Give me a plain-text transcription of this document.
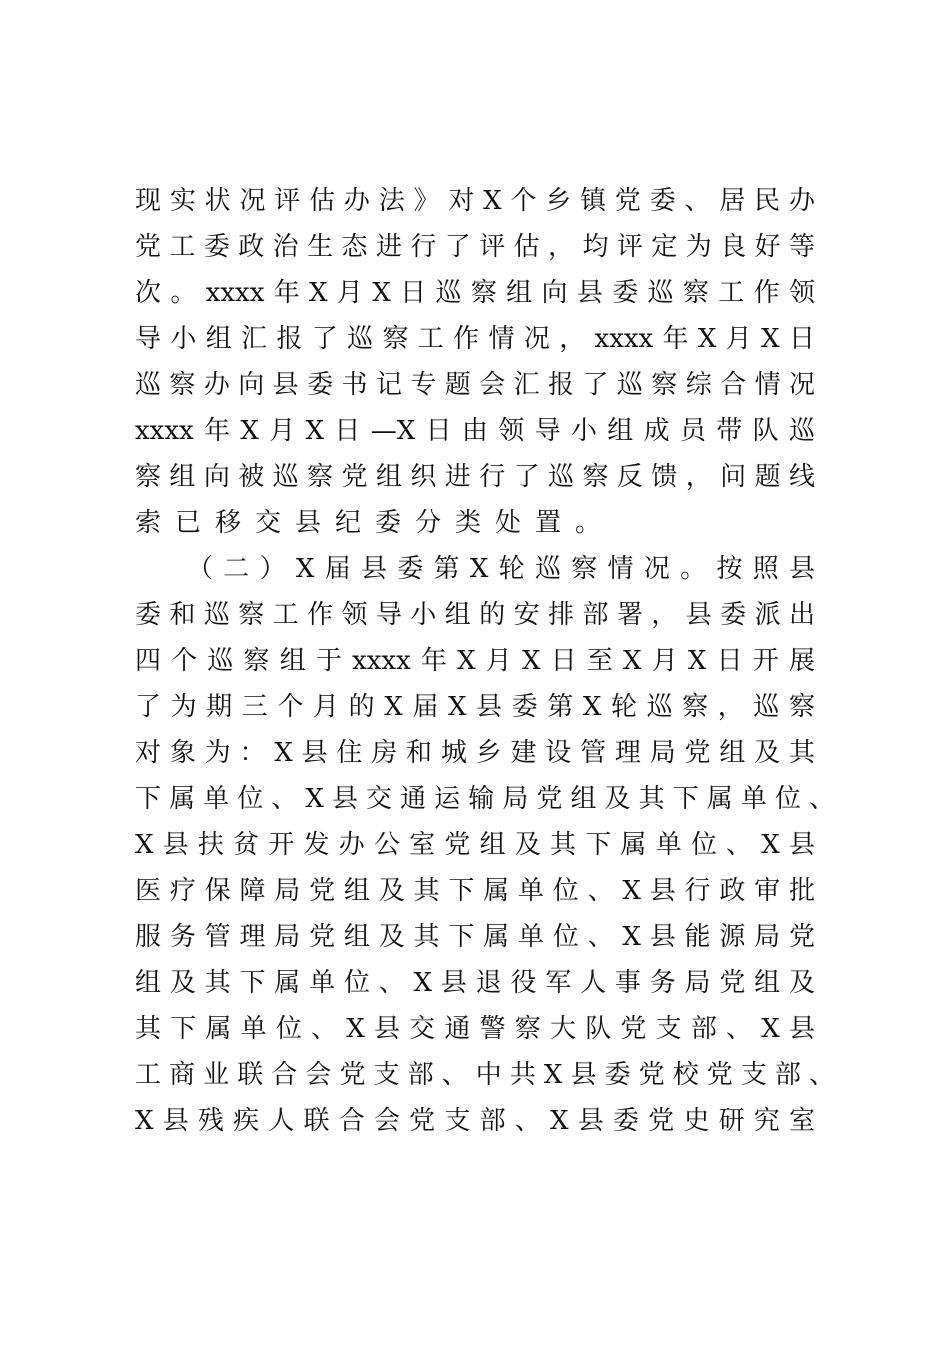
现实状况评估办法》对X个乡镇党委、居民办
党工委政治生态进行了评估，均评定为良好等
次。xxxx年X月X日巡察组向县委巡察工作领
导小组汇报了巡察工作情况，xxxx年X月X日
巡察办向县委书记专题会汇报了巡察综合情况
xxxx年X月X日—X日由领导小组成员带队巡
察组向被巡察党组织进行了巡察反馈，问题线
索已移交县纪委分类处置。
（二）X届县委第X轮巡察情况。按照县
委和巡察工作领导小组的安排部署，县委派出
四个巡察组于xxxx年X月X日至X月X日开展
了为期三个月的X届X县委第X轮巡察，巡察
对象为：X县住房和城乡建设管理局党组及其
下属单位、X县交通运输局党组及其下属单位、
X县扶贫开发办公室党组及其下属单位、X县
医疗保障局党组及其下属单位、X县行政审批
服务管理局党组及其下属单位、X县能源局党
组及其下属单位、X县退役军人事务局党组及
其下属单位、X县交通警察大队党支部、X县
工商业联合会党支部、中共X县委党校党支部、
X县残疾人联合会党支部、X县委党史研究室
